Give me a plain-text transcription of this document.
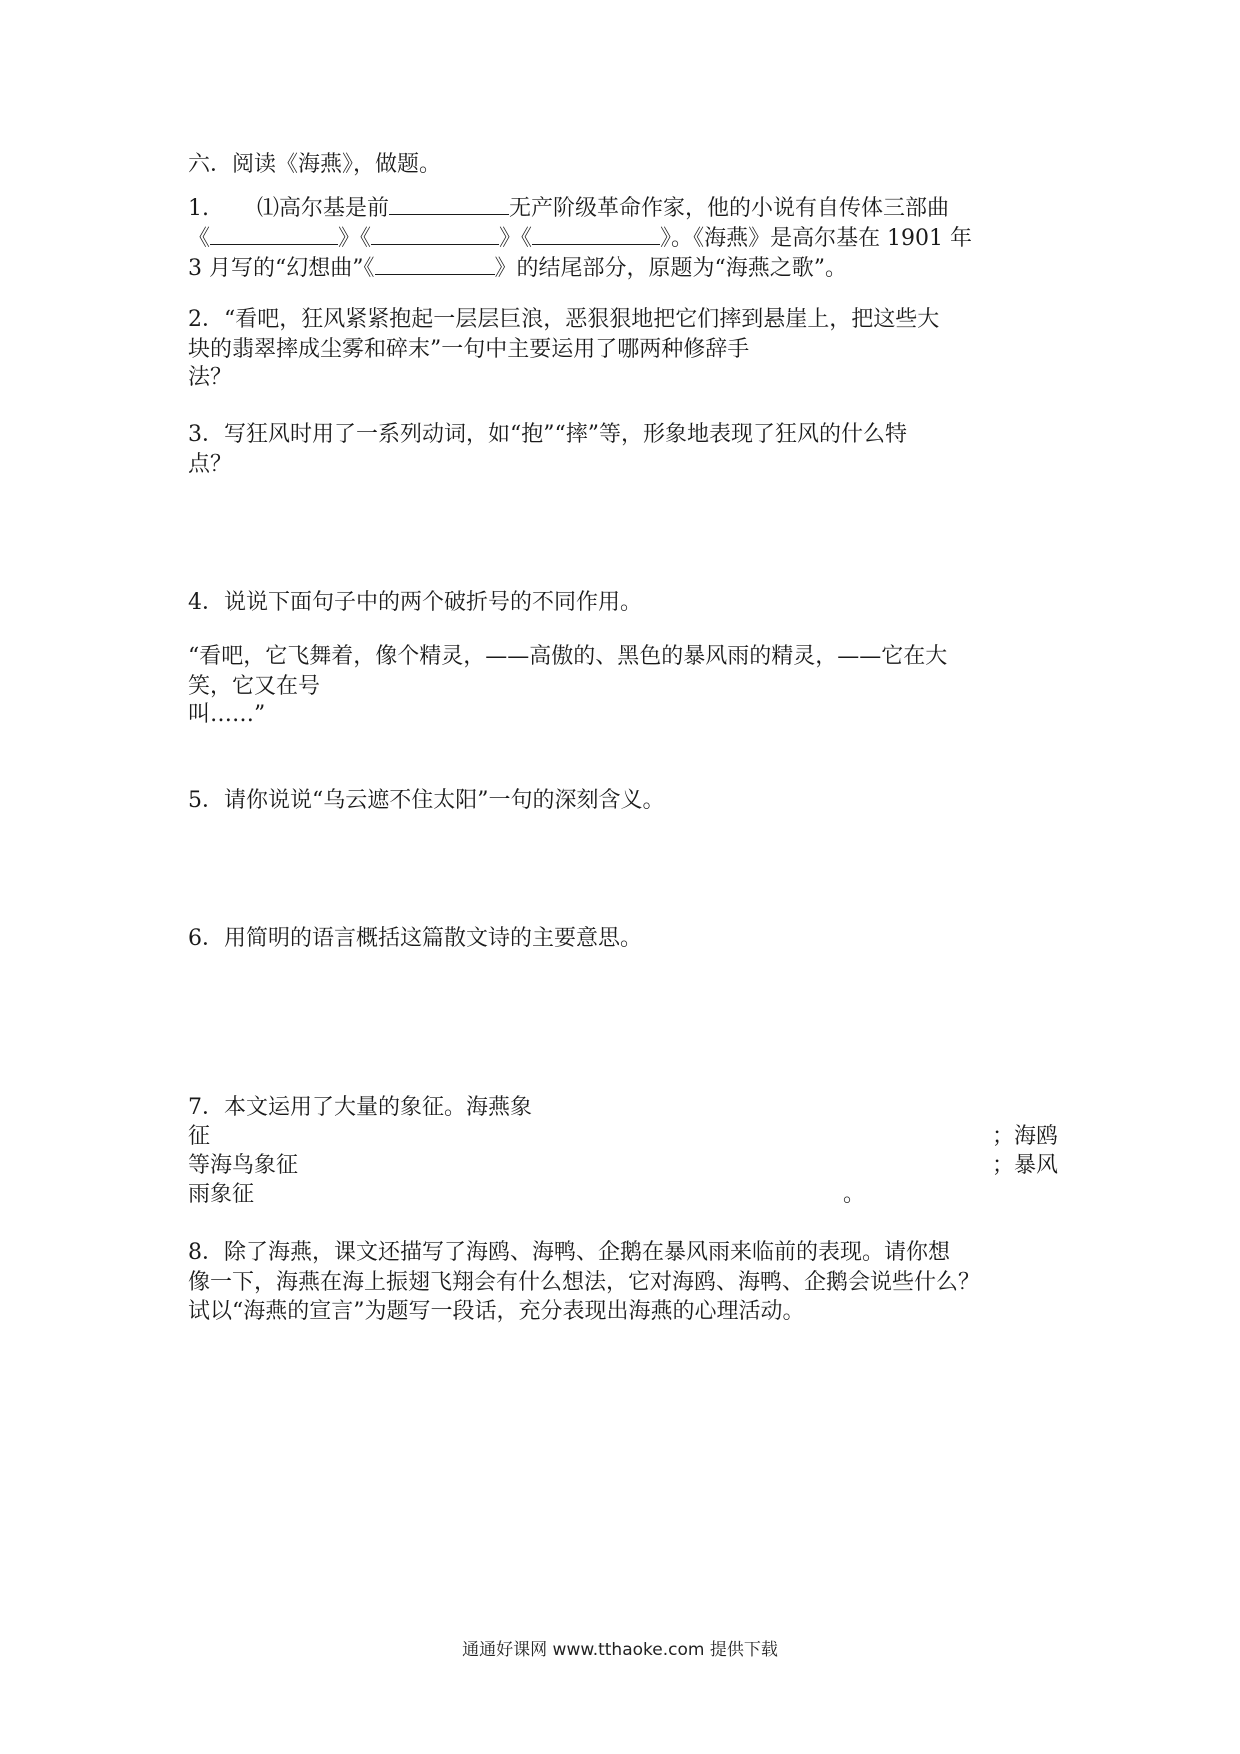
六．阅读《海燕》，做题。
1. ⑴高尔基是前	无产阶级革命作家，他的小说有自传体三部曲
《	》《	》《	》。《海燕》是高尔基在 1901 年
3 月写的“幻想曲”《	》的结尾部分，原题为“海燕之歌”。
2．“看吧，狂风紧紧抱起一层层巨浪，恶狠狠地把它们摔到悬崖上，把这些大
块的翡翠摔成尘雾和碎末”一句中主要运用了哪两种修辞手
法？
3．写狂风时用了一系列动词，如“抱”“摔”等，形象地表现了狂风的什么特
点？
4．说说下面句子中的两个破折号的不同作用。
“看吧，它飞舞着，像个精灵，——高傲的、黑色的暴风雨的精灵，——它在大
笑，它又在号
叫……”
5．请你说说“乌云遮不住太阳”一句的深刻含义。
6．用简明的语言概括这篇散文诗的主要意思。
7．本文运用了大量的象征。海燕象
征	；海鸥
等海鸟象征	；暴风
雨象征	。
8．除了海燕，课文还描写了海鸥、海鸭、企鹅在暴风雨来临前的表现。请你想
像一下，海燕在海上振翅飞翔会有什么想法，它对海鸥、海鸭、企鹅会说些什么？
试以“海燕的宣言”为题写一段话，充分表现出海燕的心理活动。
通通好课网 www.tthaoke.com 提供下载
